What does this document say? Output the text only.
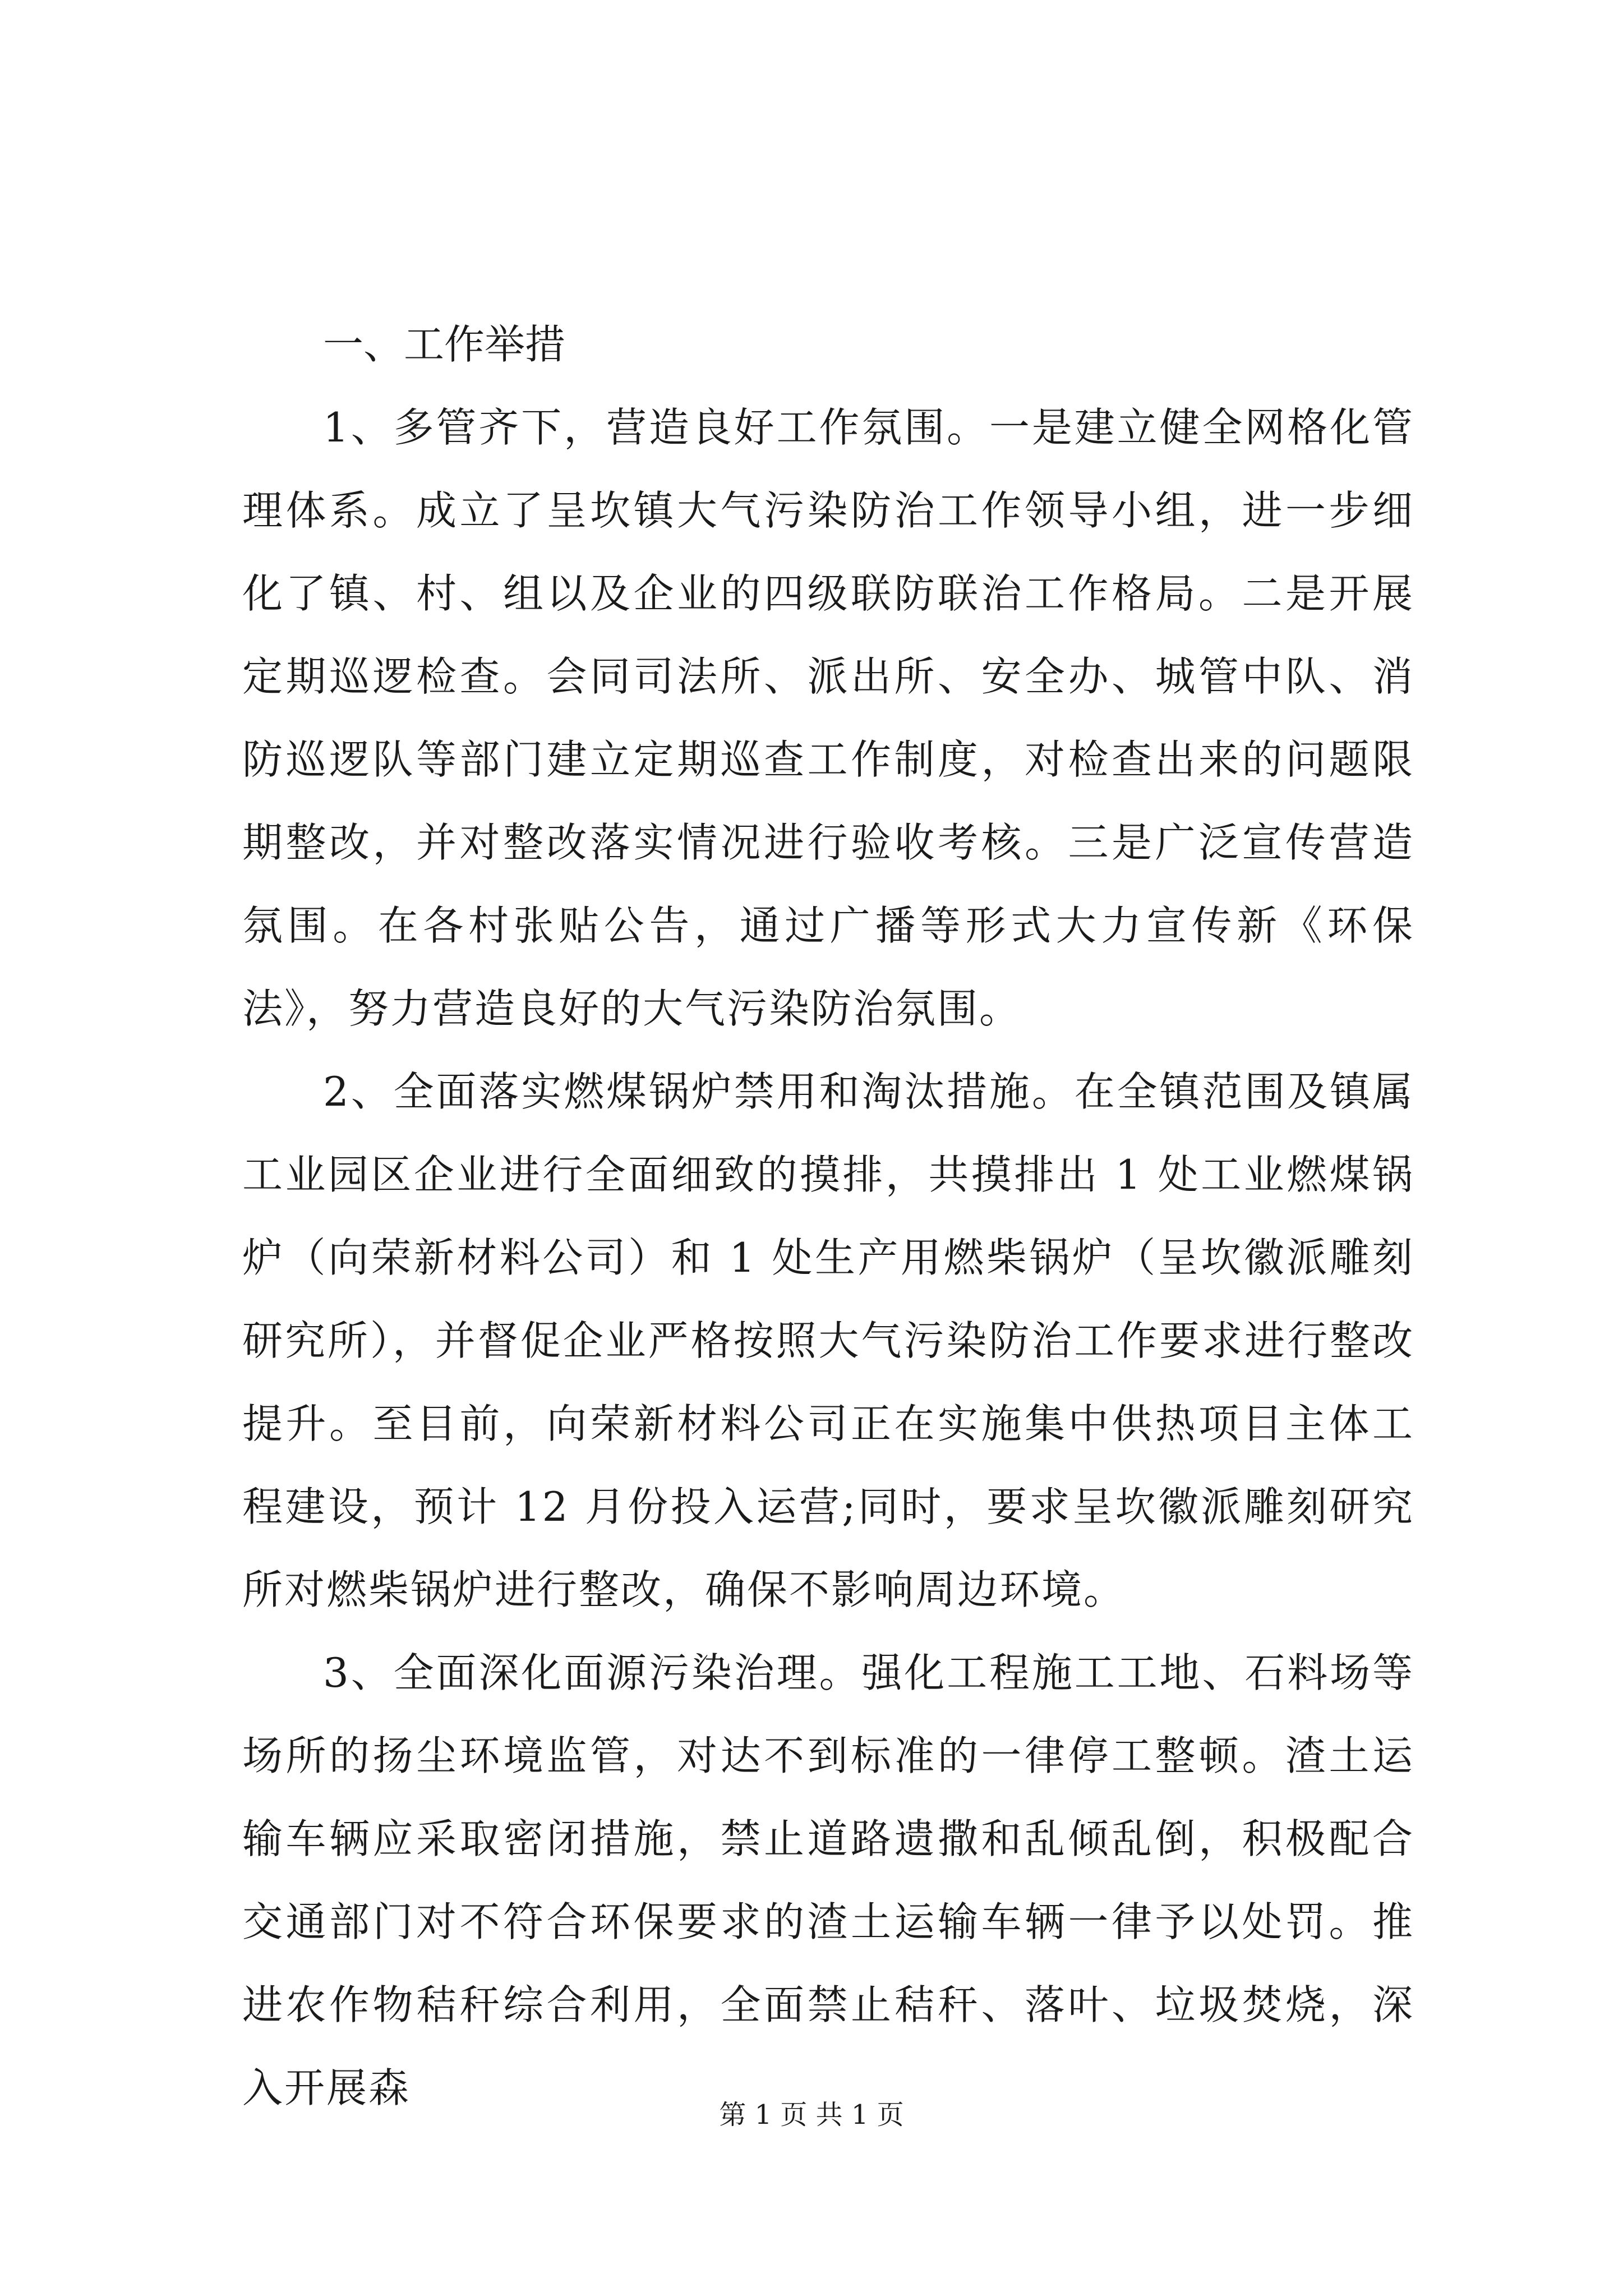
一、工作举措

1、多管齐下，营造良好工作氛围。一是建立健全网格化管理体系。成立了呈坎镇大气污染防治工作领导小组，进一步细化了镇、村、组以及企业的四级联防联治工作格局。二是开展定期巡逻检查。会同司法所、派出所、安全办、城管中队、消防巡逻队等部门建立定期巡查工作制度，对检查出来的问题限期整改，并对整改落实情况进行验收考核。三是广泛宣传营造氛围。在各村张贴公告，通过广播等形式大力宣传新《环保法》，努力营造良好的大气污染防治氛围。

2、全面落实燃煤锅炉禁用和淘汰措施。在全镇范围及镇属工业园区企业进行全面细致的摸排，共摸排出 1 处工业燃煤锅炉（向荣新材料公司）和 1 处生产用燃柴锅炉（呈坎徽派雕刻研究所），并督促企业严格按照大气污染防治工作要求进行整改提升。至目前，向荣新材料公司正在实施集中供热项目主体工程建设，预计 12 月份投入运营;同时，要求呈坎徽派雕刻研究所对燃柴锅炉进行整改，确保不影响周边环境。

3、全面深化面源污染治理。强化工程施工工地、石料场等场所的扬尘环境监管，对达不到标准的一律停工整顿。渣土运输车辆应采取密闭措施，禁止道路遗撒和乱倾乱倒，积极配合交通部门对不符合环保要求的渣土运输车辆一律予以处罚。推进农作物秸秆综合利用，全面禁止秸秆、落叶、垃圾焚烧，深入开展森

第 1 页 共 1 页
